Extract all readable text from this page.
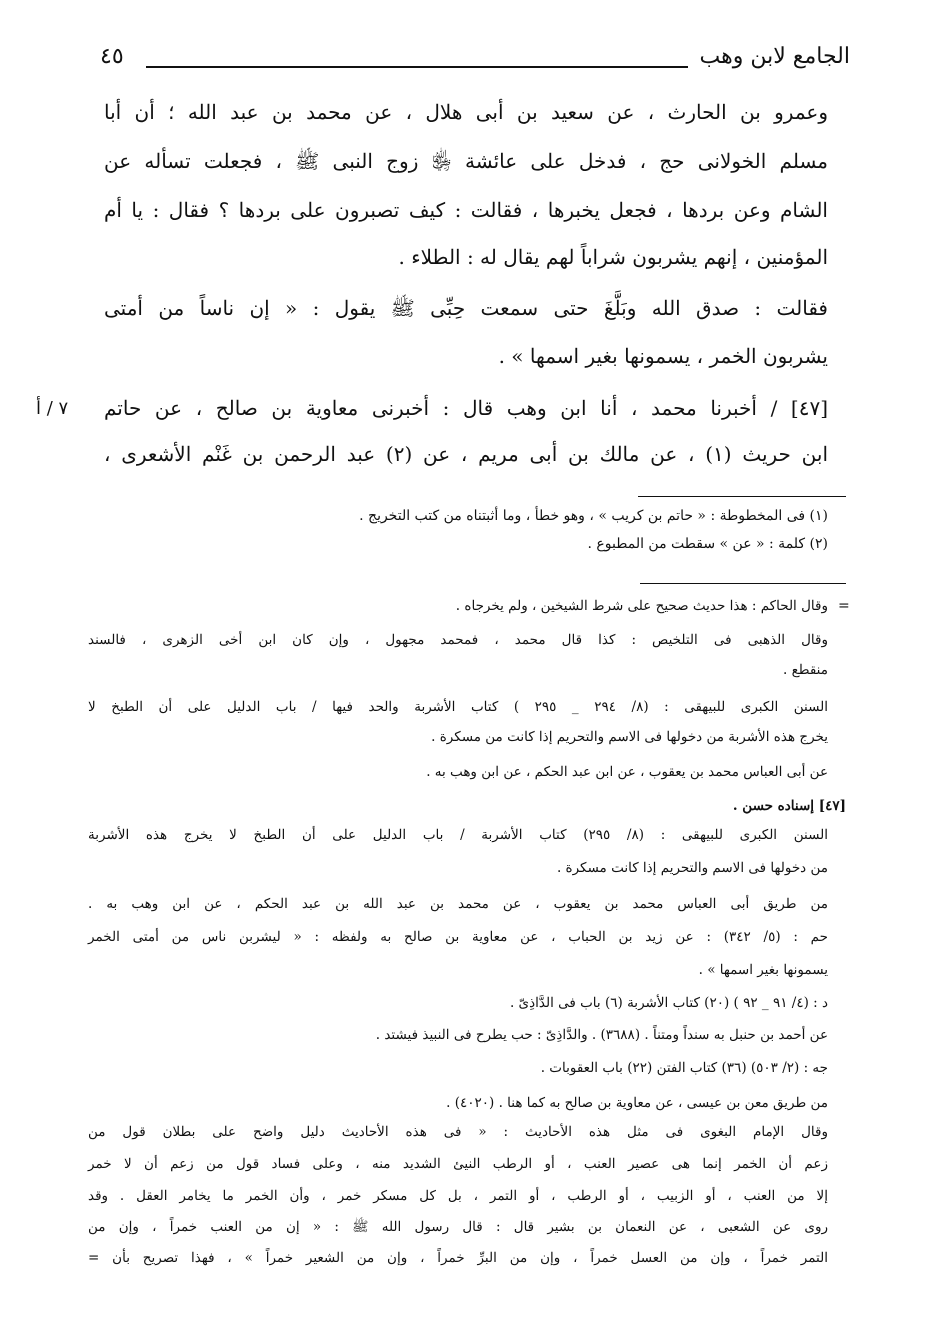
الجامع لابن وهب
٤٥

وعمرو بن الحارث ، عن سعيد بن أبى هلال ، عن محمد بن عبد الله ؛ أن أبا

مسلم الخولانى حج ، فدخل على عائشة ﵂ زوج النبى ﷺ ، فجعلت تسأله عن

الشام وعن بردها ، فجعل يخبرها ، فقالت : كيف تصبرون على بردها ؟ فقال : يا أم

المؤمنين ، إنهم يشربون شراباً لهم يقال له : الطلاء .

فقالت : صدق الله وبَلَّغَ حتى سمعت حِبِّى ﷺ يقول : « إن ناساً من أمتى

يشربون الخمر ، يسمونها بغير اسمها » .

[٤٧] / أخبرنا محمد ، أنا ابن وهب قال : أخبرنى معاوية بن صالح ، عن حاتم

ابن حريث (١) ، عن مالك بن أبى مريم ، عن (٢) عبد الرحمن بن غَنْم الأشعرى ،

٧ / أ

(١) فى المخطوطة : « حاتم بن كريب » ، وهو خطأ ، وما أثبتناه من كتب التخريج .

(٢) كلمة : « عن » سقطت من المطبوع .

=

وقال الحاكم : هذا حديث صحيح على شرط الشيخين ، ولم يخرجاه .

وقال الذهبى فى التلخيص : كذا قال محمد ، فمحمد مجهول ، وإن كان ابن أخى الزهرى ، فالسند

منقطع .

السنن الكبرى للبيهقى : (٨/ ٢٩٤ _ ٢٩٥ ) كتاب الأشربة والحد فيها / باب الدليل على أن الطبخ لا

يخرج هذه الأشربة من دخولها فى الاسم والتحريم إذا كانت من مسكرة .

عن أبى العباس محمد بن يعقوب ، عن ابن عبد الحكم ، عن ابن وهب به .

[٤٧] إسناده حسن .

السنن الكبرى للبيهقى : (٨/ ٢٩٥) كتاب الأشربة / باب الدليل على أن الطبخ لا يخرج هذه الأشربة

من دخولها فى الاسم والتحريم إذا كانت مسكرة .

من طريق أبى العباس محمد بن يعقوب ، عن محمد بن عبد الله بن عبد الحكم ، عن ابن وهب به .

حم : (٥/ ٣٤٢) : عن زيد بن الحباب ، عن معاوية بن صالح به ولفظه : « ليشربن ناس من أمتى الخمر

يسمونها بغير اسمها » .

د : (٤/ ٩١ _ ٩٢ ) (٢٠) كتاب الأشربة (٦) باب فى الدَّاذِىّ .

عن أحمد بن حنبل به سنداً ومتناً . (٣٦٨٨) . والدَّاذِىّ : حب يطرح فى النبيذ فيشتد .

جه : (٢/ ٥٠٣) (٣٦) كتاب الفتن (٢٢) باب العقوبات .

من طريق معن بن عيسى ، عن معاوية بن صالح به كما هنا . (٤٠٢٠) .

وقال الإمام البغوى فى مثل هذه الأحاديث : « فى هذه الأحاديث دليل واضح على بطلان قول من

زعم أن الخمر إنما هى عصير العنب ، أو الرطب النيئ الشديد منه ، وعلى فساد قول من زعم أن لا خمر

إلا من العنب ، أو الزبيب ، أو الرطب ، أو التمر ، بل كل مسكر خمر ، وأن الخمر ما يخامر العقل . وقد

روى عن الشعبى ، عن النعمان بن بشير قال : قال رسول الله ﷺ : « إن من العنب خمراً ، وإن من

التمر خمراً ، وإن من العسل خمراً ، وإن من البرِّ خمراً ، وإن من الشعير خمراً » ، فهذا تصريح بأن =
